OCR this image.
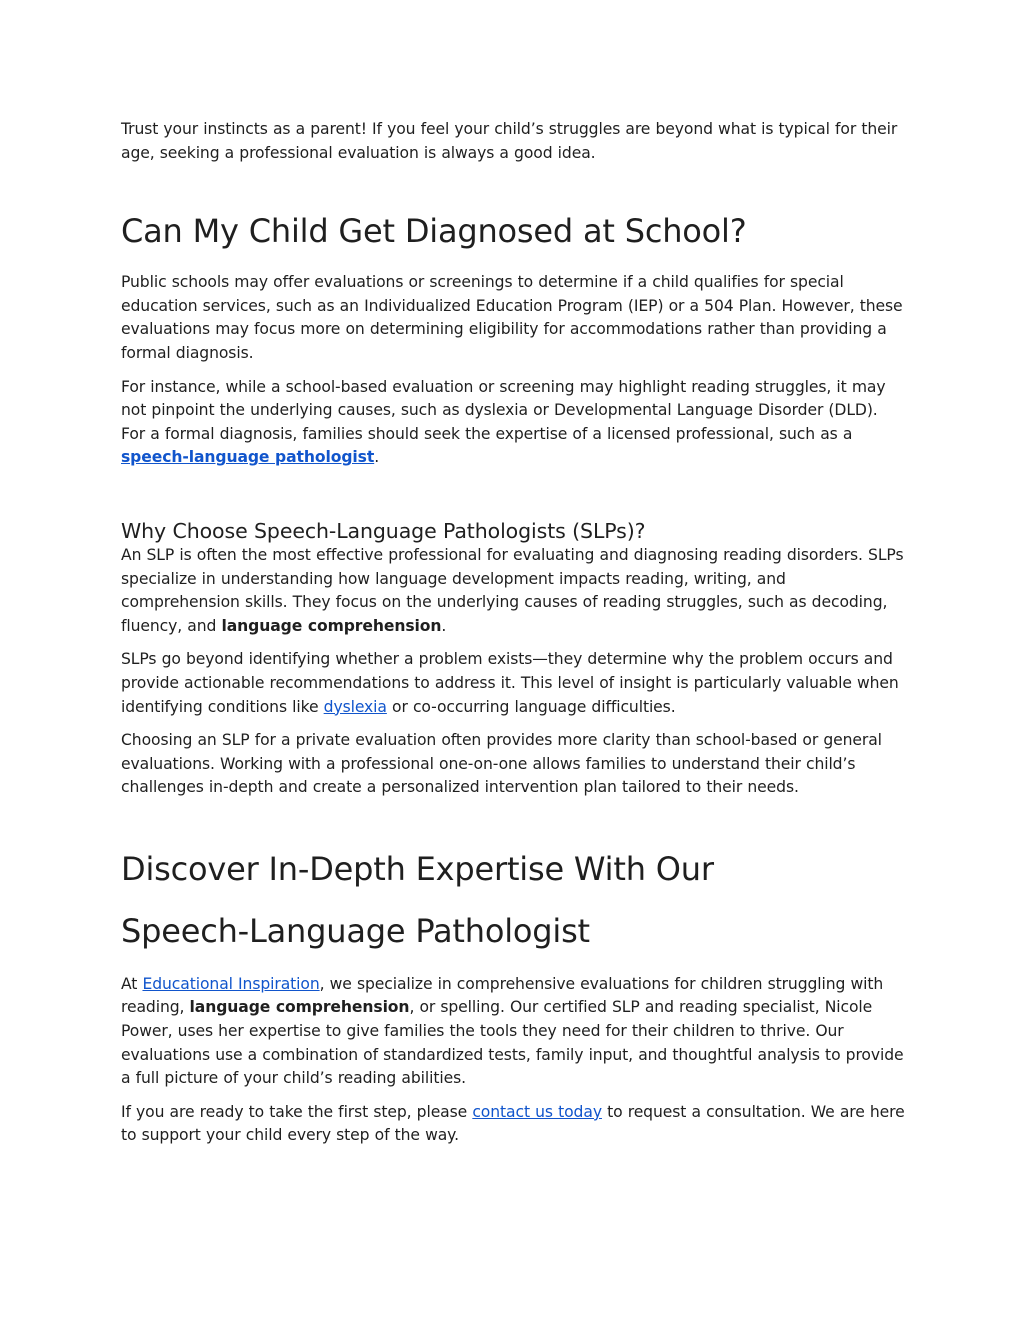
Trust your instincts as a parent! If you feel your child’s struggles are beyond what is typical for their age, seeking a professional evaluation is always a good idea.

Can My Child Get Diagnosed at School?

Public schools may offer evaluations or screenings to determine if a child qualifies for special education services, such as an Individualized Education Program (IEP) or a 504 Plan. However, these evaluations may focus more on determining eligibility for accommodations rather than providing a formal diagnosis.

For instance, while a school-based evaluation or screening may highlight reading struggles, it may not pinpoint the underlying causes, such as dyslexia or Developmental Language Disorder (DLD). For a formal diagnosis, families should seek the expertise of a licensed professional, such as a speech-language pathologist.

Why Choose Speech-Language Pathologists (SLPs)?

An SLP is often the most effective professional for evaluating and diagnosing reading disorders. SLPs specialize in understanding how language development impacts reading, writing, and comprehension skills. They focus on the underlying causes of reading struggles, such as decoding, fluency, and language comprehension.

SLPs go beyond identifying whether a problem exists—they determine why the problem occurs and provide actionable recommendations to address it. This level of insight is particularly valuable when identifying conditions like dyslexia or co-occurring language difficulties.

Choosing an SLP for a private evaluation often provides more clarity than school-based or general evaluations. Working with a professional one-on-one allows families to understand their child’s challenges in-depth and create a personalized intervention plan tailored to their needs.

Discover In-Depth Expertise With Our
Speech-Language Pathologist

At Educational Inspiration, we specialize in comprehensive evaluations for children struggling with reading, language comprehension, or spelling. Our certified SLP and reading specialist, Nicole Power, uses her expertise to give families the tools they need for their children to thrive. Our evaluations use a combination of standardized tests, family input, and thoughtful analysis to provide a full picture of your child’s reading abilities.

If you are ready to take the first step, please contact us today to request a consultation. We are here to support your child every step of the way.
